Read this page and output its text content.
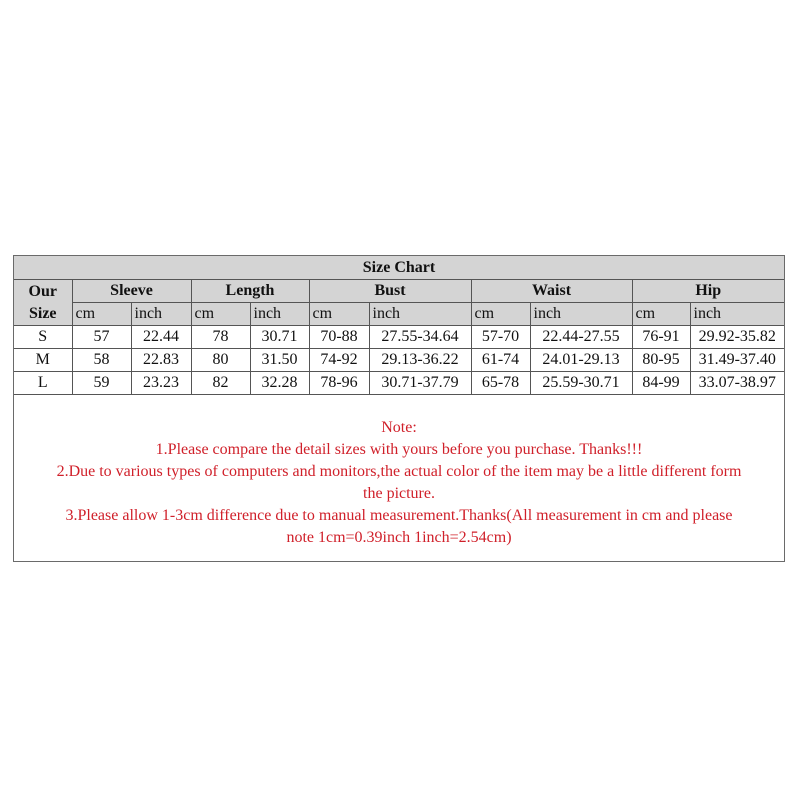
Size Chart										

Our
Size	Sleeve		Length		Bust		Waist		Hip	
	cm	inch	cm	inch	cm	inch	cm	inch	cm	inch
S	57	22.44	78	30.71	70-88	27.55-34.64	57-70	22.44-27.55	76-91	29.92-35.82
M	58	22.83	80	31.50	74-92	29.13-36.22	61-74	24.01-29.13	80-95	31.49-37.40
L	59	23.23	82	32.28	78-96	30.71-37.79	65-78	25.59-30.71	84-99	33.07-38.97
Note:
1.Please compare the detail sizes with yours before you purchase. Thanks!!!
2.Due to various types of computers and monitors,the actual color of the item may be a little different form
the picture.
3.Please allow 1-3cm difference due to manual measurement.Thanks(All measurement in cm and please
note 1cm=0.39inch 1inch=2.54cm)
